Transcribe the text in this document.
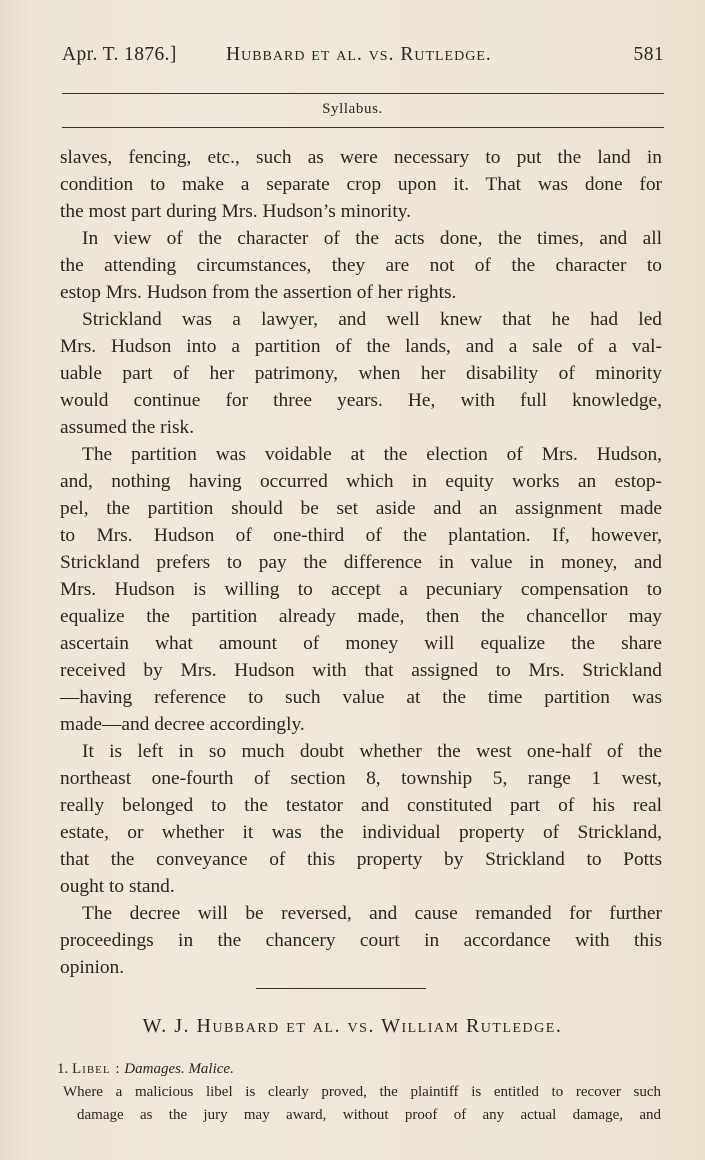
Apr. T. 1876.]	Hubbard et al. vs. Rutledge.	581
Syllabus.
slaves, fencing, etc., such as were necessary to put the land in
condition to make a separate crop upon it. That was done for
the most part during Mrs. Hudson’s minority.
In view of the character of the acts done, the times, and all
the attending circumstances, they are not of the character to
estop Mrs. Hudson from the assertion of her rights.
Strickland was a lawyer, and well knew that he had led
Mrs. Hudson into a partition of the lands, and a sale of a val-
uable part of her patrimony, when her disability of minority
would continue for three years. He, with full knowledge,
assumed the risk.
The partition was voidable at the election of Mrs. Hudson,
and, nothing having occurred which in equity works an estop-
pel, the partition should be set aside and an assignment made
to Mrs. Hudson of one-third of the plantation. If, however,
Strickland prefers to pay the difference in value in money, and
Mrs. Hudson is willing to accept a pecuniary compensation to
equalize the partition already made, then the chancellor may
ascertain what amount of money will equalize the share
received by Mrs. Hudson with that assigned to Mrs. Strickland
—having reference to such value at the time partition was
made—and decree accordingly.
It is left in so much doubt whether the west one-half of the
northeast one-fourth of section 8, township 5, range 1 west,
really belonged to the testator and constituted part of his real
estate, or whether it was the individual property of Strickland,
that the conveyance of this property by Strickland to Potts
ought to stand.
The decree will be reversed, and cause remanded for further
proceedings in the chancery court in accordance with this
opinion.
W. J. Hubbard et al. vs. William Rutledge.
1. Libel : Damages. Malice.
Where a malicious libel is clearly proved, the plaintiff is entitled to recover such
damage as the jury may award, without proof of any actual damage, and
